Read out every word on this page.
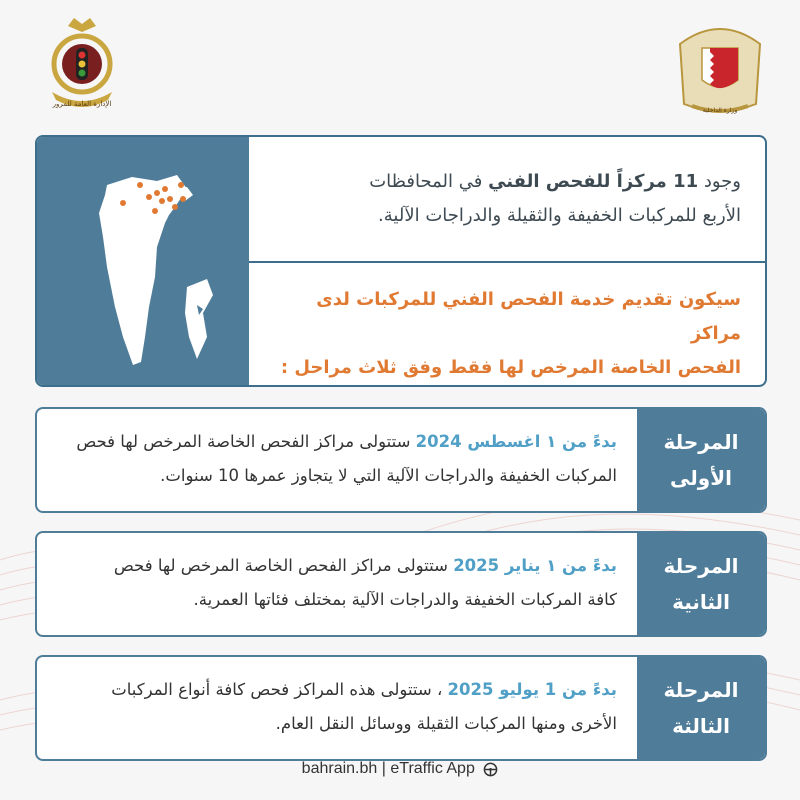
الإدارة العامة للمرور
وزارة الداخلية
وجود 11 مركزاً للفحص الفني في المحافظات
الأربع للمركبات الخفيفة والثقيلة والدراجات الآلية.
سيكون تقديم خدمة الفحص الفني للمركبات لدى مراكز
الفحص الخاصة المرخص لها فقط وفق ثلاث مراحل :
المرحلة
الأولى
بدءً من ١ اغسطس 2024 ستتولى مراكز الفحص الخاصة المرخص لها فحص
المركبات الخفيفة والدراجات الآلية التي لا يتجاوز عمرها 10 سنوات.
المرحلة
الثانية
بدءً من ١ يناير 2025 ستتولى مراكز الفحص الخاصة المرخص لها فحص
كافة المركبات الخفيفة والدراجات الآلية بمختلف فئاتها العمرية.
المرحلة
الثالثة
بدءً من 1 يوليو 2025 ، ستتولى هذه المراكز فحص كافة أنواع المركبات
الأخرى ومنها المركبات الثقيلة ووسائل النقل العام.
bahrain.bh | eTraffic App
